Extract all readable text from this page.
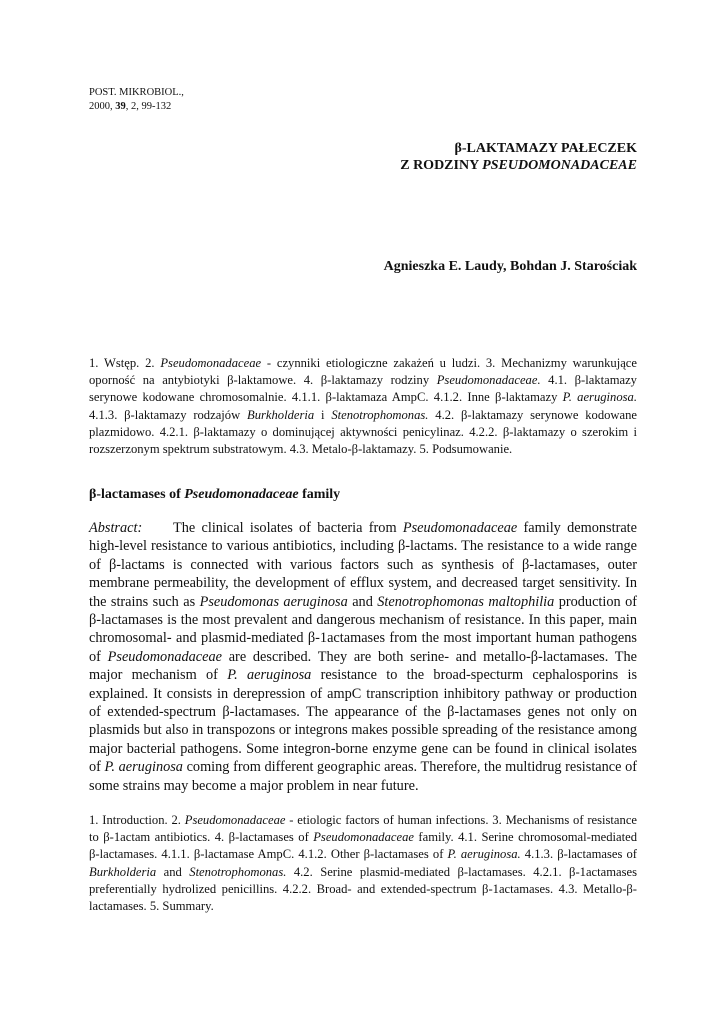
POST. MIKROBIOL.,
2000, 39, 2, 99-132
β-LAKTAMAZY PAŁECZEK
Z RODZINY PSEUDOMONADACEAE
Agnieszka E. Laudy, Bohdan J. Starościak
1. Wstęp. 2. Pseudomonadaceae - czynniki etiologiczne zakażeń u ludzi. 3. Mechanizmy warunkujące oporność na antybiotyki β-laktamowe. 4. β-laktamazy rodziny Pseudomonadaceae. 4.1. β-laktamazy serynowe kodowane chromosomalnie. 4.1.1. β-laktamaza AmpC. 4.1.2. Inne β-laktamazy P. aeruginosa. 4.1.3. β-laktamazy rodzajów Burkholderia i Stenotrophomonas. 4.2. β-laktamazy serynowe kodowane plazmidowo. 4.2.1. β-laktamazy o dominującej aktywności penicylinaz. 4.2.2. β-laktamazy o szerokim i rozszerzonym spektrum substratowym. 4.3. Metalo-β-laktamazy. 5. Podsumowanie.
β-lactamases of Pseudomonadaceae family
Abstract: The clinical isolates of bacteria from Pseudomonadaceae family demonstrate high-level resistance to various antibiotics, including β-lactams. The resistance to a wide range of β-lactams is connected with various factors such as synthesis of β-lactamases, outer membrane permeability, the development of efflux system, and decreased target sensitivity. In the strains such as Pseudomonas aeruginosa and Stenotrophomonas maltophilia production of β-lactamases is the most prevalent and dangerous mechanism of resistance. In this paper, main chromosomal- and plasmid-mediated β-1actamases from the most important human pathogens of Pseudomonadaceae are described. They are both serine- and metallo-β-lactamases. The major mechanism of P. aeruginosa resistance to the broad-specturm cephalosporins is explained. It consists in derepression of ampC transcription inhibitory pathway or production of extended-spectrum β-lactamases. The appearance of the β-lactamases genes not only on plasmids but also in transpozons or integrons makes possible spreading of the resistance among major bacterial pathogens. Some integron-borne enzyme gene can be found in clinical isolates of P. aeruginosa coming from different geographic areas. Therefore, the multidrug resistance of some strains may become a major problem in near future.
1. Introduction. 2. Pseudomonadaceae - etiologic factors of human infections. 3. Mechanisms of resistance to β-1actam antibiotics. 4. β-lactamases of Pseudomonadaceae family. 4.1. Serine chromosomal-mediated β-lactamases. 4.1.1. β-lactamase AmpC. 4.1.2. Other β-lactamases of P. aeruginosa. 4.1.3. β-lactamases of Burkholderia and Stenotrophomonas. 4.2. Serine plasmid-mediated β-lactamases. 4.2.1. β-1actamases preferentially hydrolized penicillins. 4.2.2. Broad- and extended-spectrum β-1actamases. 4.3. Metallo-β-lactamases. 5. Summary.
